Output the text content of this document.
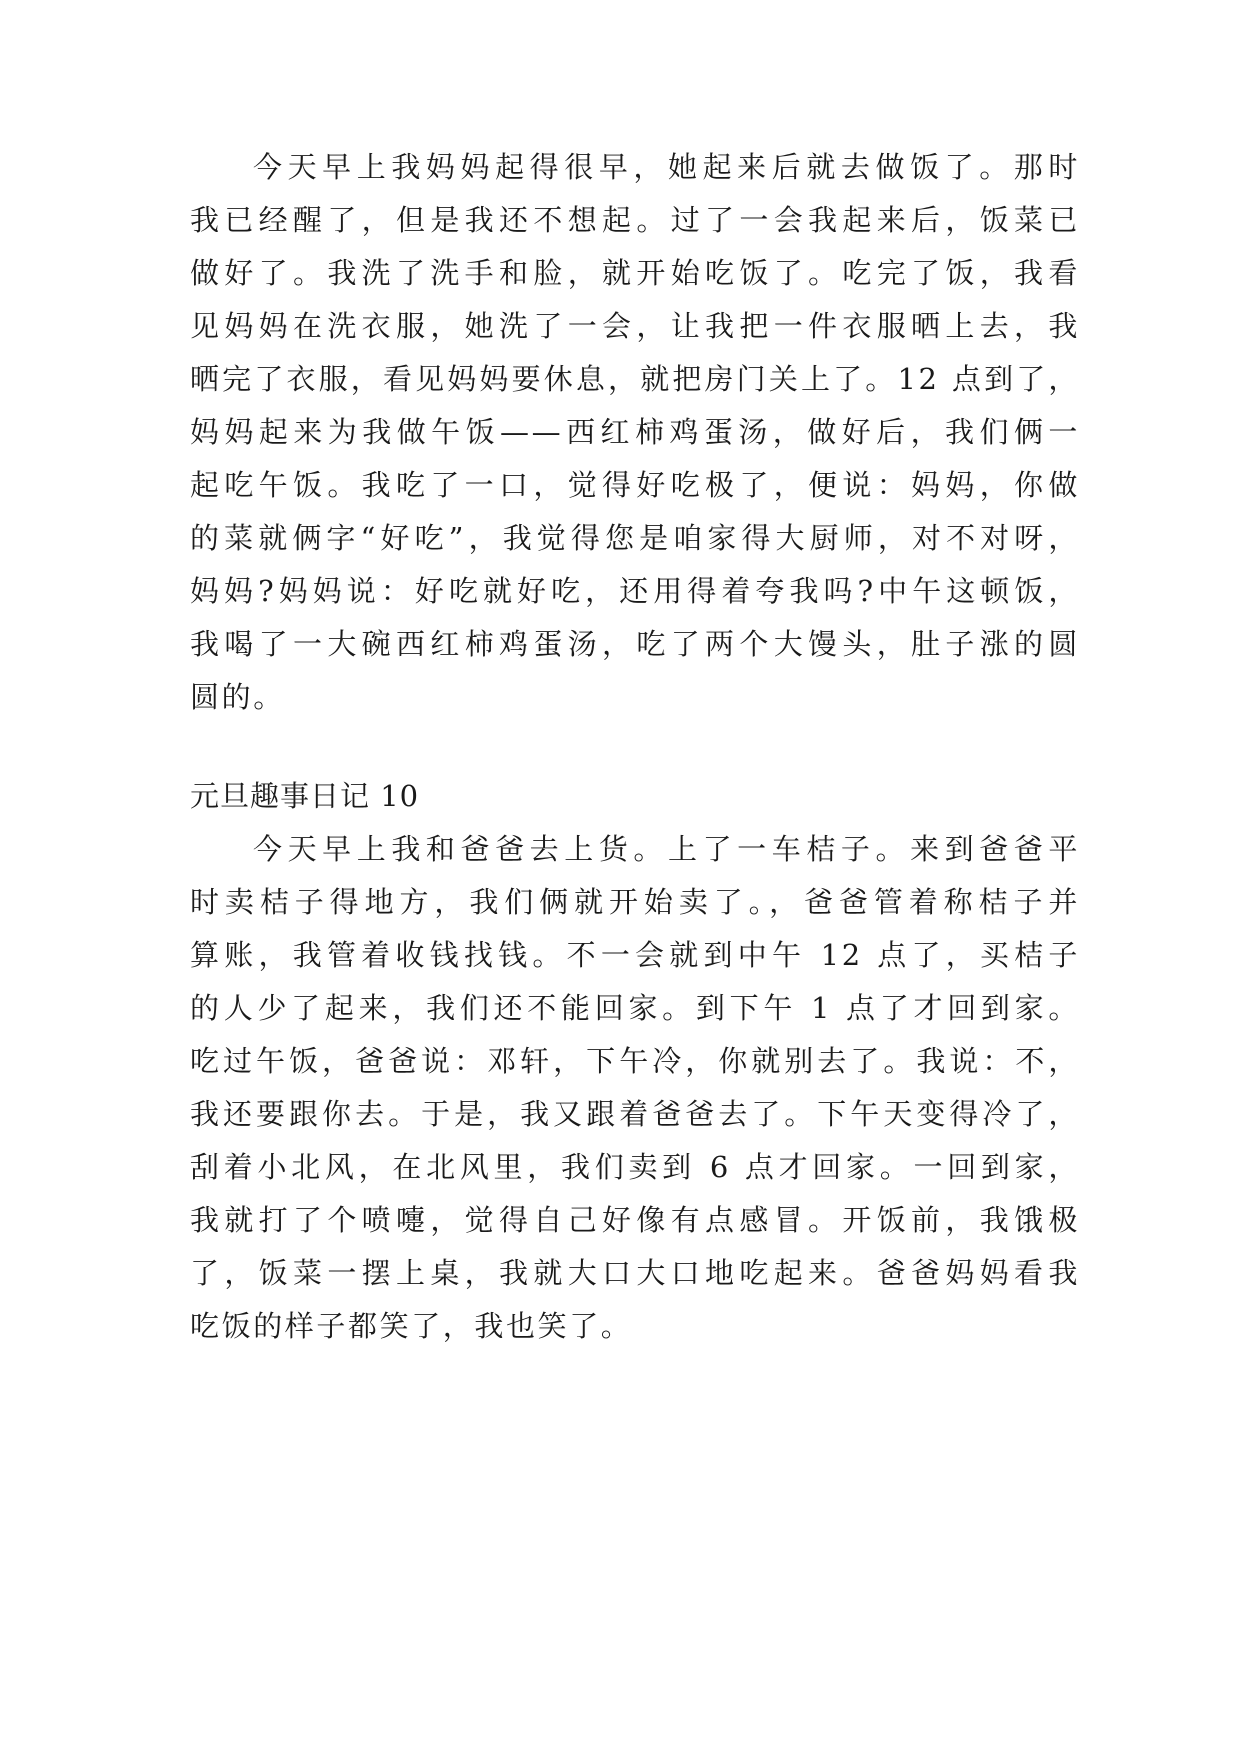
今天早上我妈妈起得很早，她起来后就去做饭了。那时
我已经醒了，但是我还不想起。过了一会我起来后，饭菜已
做好了。我洗了洗手和脸，就开始吃饭了。吃完了饭，我看
见妈妈在洗衣服，她洗了一会，让我把一件衣服晒上去，我
晒完了衣服，看见妈妈要休息，就把房门关上了。12 点到了，
妈妈起来为我做午饭——西红柿鸡蛋汤，做好后，我们俩一
起吃午饭。我吃了一口，觉得好吃极了，便说：妈妈，你做
的菜就俩字“好吃”，我觉得您是咱家得大厨师，对不对呀，
妈妈?妈妈说：好吃就好吃，还用得着夸我吗?中午这顿饭，
我喝了一大碗西红柿鸡蛋汤，吃了两个大馒头，肚子涨的圆
圆的。
元旦趣事日记 10
今天早上我和爸爸去上货。上了一车桔子。来到爸爸平
时卖桔子得地方，我们俩就开始卖了。，爸爸管着称桔子并
算账，我管着收钱找钱。不一会就到中午 12 点了，买桔子
的人少了起来，我们还不能回家。到下午 1 点了才回到家。
吃过午饭，爸爸说：邓轩，下午冷，你就别去了。我说：不，
我还要跟你去。于是，我又跟着爸爸去了。下午天变得冷了，
刮着小北风，在北风里，我们卖到 6 点才回家。一回到家，
我就打了个喷嚏，觉得自己好像有点感冒。开饭前，我饿极
了，饭菜一摆上桌，我就大口大口地吃起来。爸爸妈妈看我
吃饭的样子都笑了，我也笑了。
